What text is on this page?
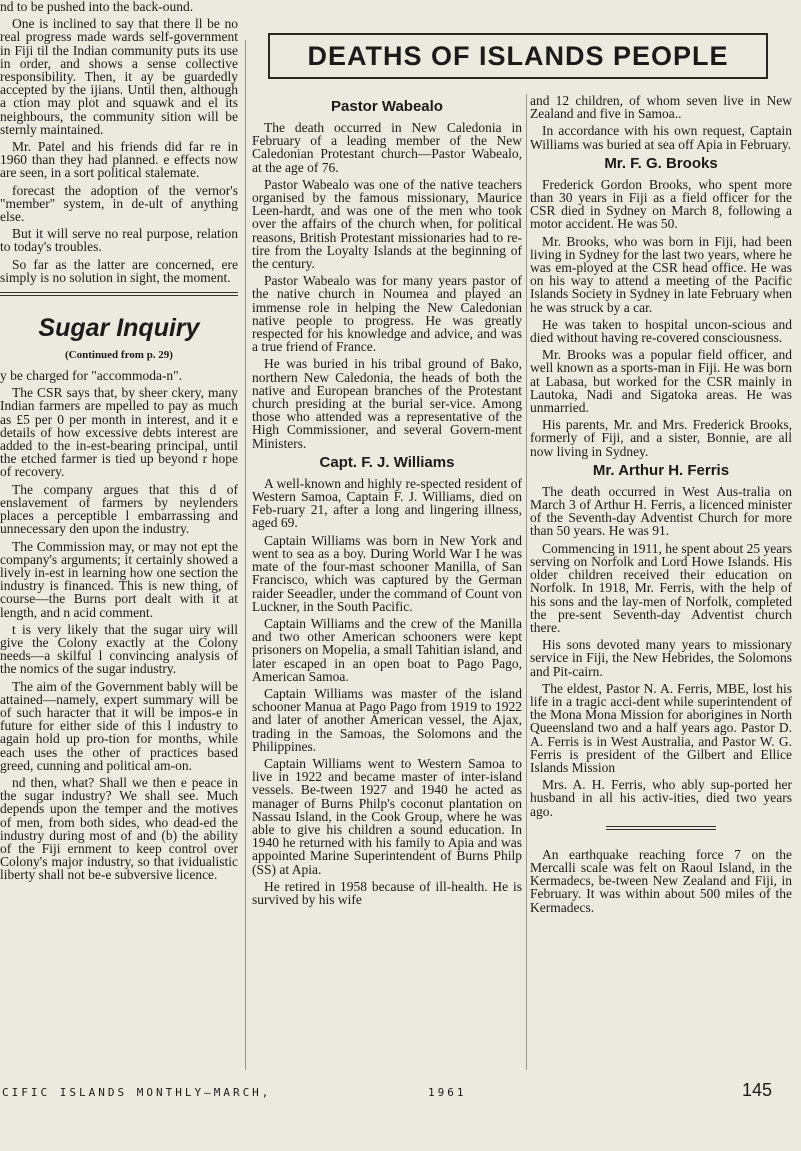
DEATHS OF ISLANDS PEOPLE
nd to be pushed into the back-ound.
One is inclined to say that there ll be no real progress made wards self-government in Fiji til the Indian community puts its use in order, and shows a sense collective responsibility. Then, it ay be guardedly accepted by the ijians. Until then, although a ction may plot and squawk and el its neighbours, the community sition will be sternly maintained.
Mr. Patel and his friends did far re in 1960 than they had planned. e effects now are seen, in a sort political stalemate.
forecast the adoption of the vernor's "member" system, in de-ult of anything else.
But it will serve no real purpose, relation to today's troubles.
So far as the latter are concerned, ere simply is no solution in sight, the moment.
Sugar Inquiry
(Continued from p. 29)
y be charged for "accommoda-n".
The CSR says that, by sheer ckery, many Indian farmers are mpelled to pay as much as £5 per 0 per month in interest, and it e details of how excessive debts interest are added to the in-est-bearing principal, until the etched farmer is tied up beyond r hope of recovery.
The company argues that this d of enslavement of farmers by neylenders places a perceptible l embarrassing and unnecessary den upon the industry.
The Commission may, or may not ept the company's arguments; it certainly showed a lively in-est in learning how one section the industry is financed. This is new thing, of course—the Burns port dealt with it at length, and n acid comment.
t is very likely that the sugar uiry will give the Colony exactly at the Colony needs—a skilful l convincing analysis of the nomics of the sugar industry.
The aim of the Government bably will be attained—namely, expert summary will be of such haracter that it will be impos-e in future for either side of this l industry to again hold up pro-tion for months, while each uses the other of practices based greed, cunning and political am-on.
nd then, what? Shall we then e peace in the sugar industry? We shall see. Much depends upon the temper and the motives of men, from both sides, who dead-ed the industry during most of and (b) the ability of the Fiji ernment to keep control over Colony's major industry, so that ividualistic liberty shall not be-e subversive licence.
Pastor Wabealo
The death occurred in New Caledonia in February of a leading member of the New Caledonian Protestant church—Pastor Wabealo, at the age of 76.
Pastor Wabealo was one of the native teachers organised by the famous missionary, Maurice Leen-hardt, and was one of the men who took over the affairs of the church when, for political reasons, British Protestant missionaries had to re-tire from the Loyalty Islands at the beginning of the century.
Pastor Wabealo was for many years pastor of the native church in Noumea and played an immense role in helping the New Caledonian native people to progress. He was greatly respected for his knowledge and advice, and was a true friend of France.
He was buried in his tribal ground of Bako, northern New Caledonia, the heads of both the native and European branches of the Protestant church presiding at the burial ser-vice. Among those who attended was a representative of the High Commissioner, and several Govern-ment Ministers.
Capt. F. J. Williams
A well-known and highly re-spected resident of Western Samoa, Captain F. J. Williams, died on Feb-ruary 21, after a long and lingering illness, aged 69.
Captain Williams was born in New York and went to sea as a boy. During World War I he was mate of the four-mast schooner Manilla, of San Francisco, which was captured by the German raider Seeadler, under the command of Count von Luckner, in the South Pacific.
Captain Williams and the crew of the Manilla and two other American schooners were kept prisoners on Mopelia, a small Tahitian island, and later escaped in an open boat to Pago Pago, American Samoa.
Captain Williams was master of the island schooner Manua at Pago Pago from 1919 to 1922 and later of another American vessel, the Ajax, trading in the Samoas, the Solomons and the Philippines.
Captain Williams went to Western Samoa to live in 1922 and became master of inter-island vessels. Be-tween 1927 and 1940 he acted as manager of Burns Philp's coconut plantation on Nassau Island, in the Cook Group, where he was able to give his children a sound education. In 1940 he returned with his family to Apia and was appointed Marine Superintendent of Burns Philp (SS) at Apia.
He retired in 1958 because of ill-health. He is survived by his wife
and 12 children, of whom seven live in New Zealand and five in Samoa..
In accordance with his own request, Captain Williams was buried at sea off Apia in February.
Mr. F. G. Brooks
Frederick Gordon Brooks, who spent more than 30 years in Fiji as a field officer for the CSR died in Sydney on March 8, following a motor accident. He was 50.
Mr. Brooks, who was born in Fiji, had been living in Sydney for the last two years, where he was em-ployed at the CSR head office. He was on his way to attend a meeting of the Pacific Islands Society in Sydney in late February when he was struck by a car.
He was taken to hospital uncon-scious and died without having re-covered consciousness.
Mr. Brooks was a popular field officer, and well known as a sports-man in Fiji. He was born at Labasa, but worked for the CSR mainly in Lautoka, Nadi and Sigatoka areas. He was unmarried.
His parents, Mr. and Mrs. Frederick Brooks, formerly of Fiji, and a sister, Bonnie, are all now living in Sydney.
Mr. Arthur H. Ferris
The death occurred in West Aus-tralia on March 3 of Arthur H. Ferris, a licenced minister of the Seventh-day Adventist Church for more than 50 years. He was 91.
Commencing in 1911, he spent about 25 years serving on Norfolk and Lord Howe Islands. His older children received their education on Norfolk. In 1918, Mr. Ferris, with the help of his sons and the lay-men of Norfolk, completed the pre-sent Seventh-day Adventist church there.
His sons devoted many years to missionary service in Fiji, the New Hebrides, the Solomons and Pit-cairn.
The eldest, Pastor N. A. Ferris, MBE, lost his life in a tragic acci-dent while superintendent of the Mona Mona Mission for aborigines in North Queensland two and a half years ago. Pastor D. A. Ferris is in West Australia, and Pastor W. G. Ferris is president of the Gilbert and Ellice Islands Mission
Mrs. A. H. Ferris, who ably sup-ported her husband in all his activ-ities, died two years ago.
An earthquake reaching force 7 on the Mercalli scale was felt on Raoul Island, in the Kermadecs, be-tween New Zealand and Fiji, in February. It was within about 500 miles of the Kermadecs.
CIFIC ISLANDS MONTHLY—MARCH,	1961	145
